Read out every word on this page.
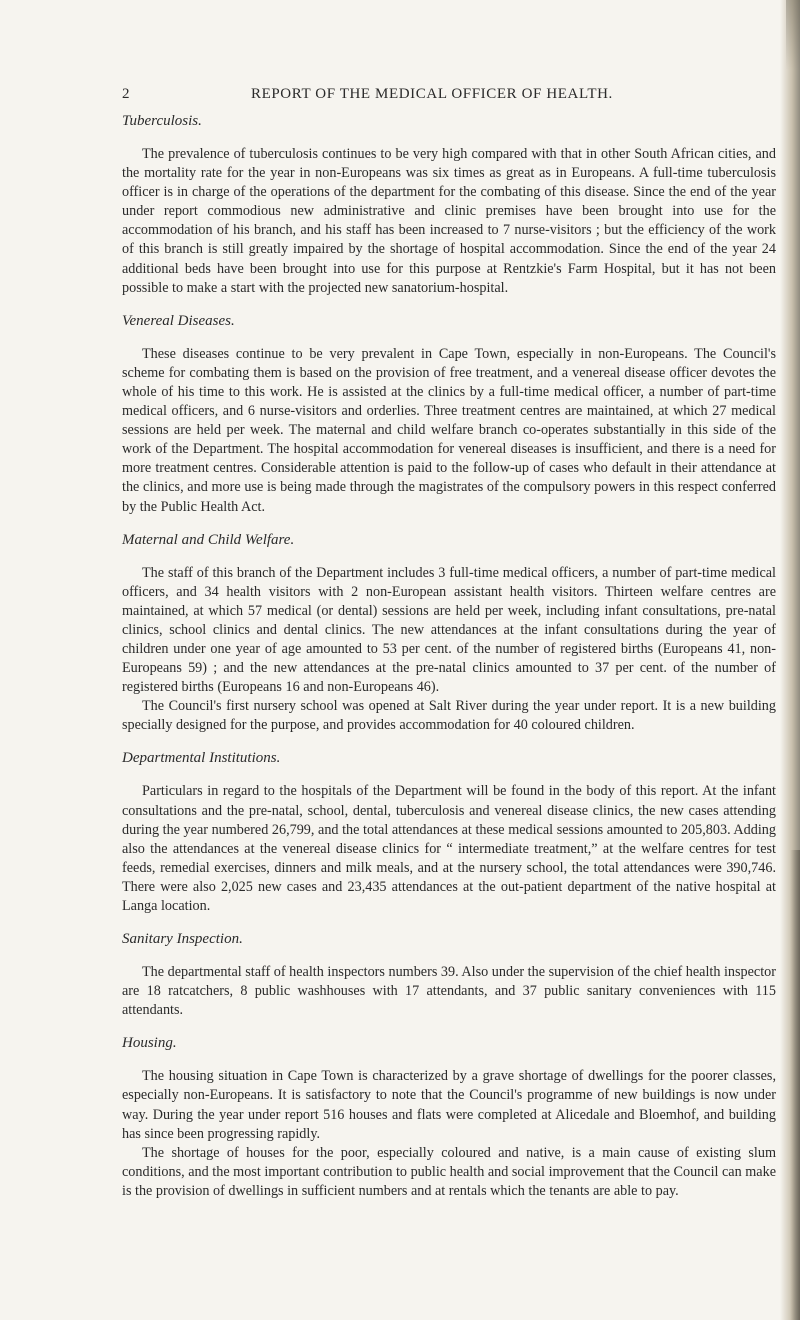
2	REPORT OF THE MEDICAL OFFICER OF HEALTH.
Tuberculosis.

The prevalence of tuberculosis continues to be very high compared with that in other South African cities, and the mortality rate for the year in non-Europeans was six times as great as in Europeans. A full-time tuberculosis officer is in charge of the operations of the department for the combating of this disease. Since the end of the year under report commodious new administrative and clinic premises have been brought into use for the accommodation of his branch, and his staff has been increased to 7 nurse-visitors ; but the efficiency of the work of this branch is still greatly impaired by the shortage of hospital accommodation. Since the end of the year 24 additional beds have been brought into use for this purpose at Rentzkie's Farm Hospital, but it has not been possible to make a start with the projected new sanatorium-hospital.

Venereal Diseases.

These diseases continue to be very prevalent in Cape Town, especially in non-Europeans. The Council's scheme for combating them is based on the provision of free treatment, and a venereal disease officer devotes the whole of his time to this work. He is assisted at the clinics by a full-time medical officer, a number of part-time medical officers, and 6 nurse-visitors and orderlies. Three treatment centres are maintained, at which 27 medical sessions are held per week. The maternal and child welfare branch co-operates substantially in this side of the work of the Department. The hospital accommodation for venereal diseases is insufficient, and there is a need for more treatment centres. Considerable attention is paid to the follow-up of cases who default in their attendance at the clinics, and more use is being made through the magistrates of the compulsory powers in this respect conferred by the Public Health Act.

Maternal and Child Welfare.

The staff of this branch of the Department includes 3 full-time medical officers, a number of part-time medical officers, and 34 health visitors with 2 non-European assistant health visitors. Thirteen welfare centres are maintained, at which 57 medical (or dental) sessions are held per week, including infant consultations, pre-natal clinics, school clinics and dental clinics. The new attendances at the infant consultations during the year of children under one year of age amounted to 53 per cent. of the number of registered births (Europeans 41, non-Europeans 59) ; and the new attendances at the pre-natal clinics amounted to 37 per cent. of the number of registered births (Europeans 16 and non-Europeans 46).

The Council's first nursery school was opened at Salt River during the year under report. It is a new building specially designed for the purpose, and provides accommodation for 40 coloured children.

Departmental Institutions.

Particulars in regard to the hospitals of the Department will be found in the body of this report. At the infant consultations and the pre-natal, school, dental, tuberculosis and venereal disease clinics, the new cases attending during the year numbered 26,799, and the total attendances at these medical sessions amounted to 205,803. Adding also the attendances at the venereal disease clinics for “ intermediate treatment,” at the welfare centres for test feeds, remedial exercises, dinners and milk meals, and at the nursery school, the total attendances were 390,746. There were also 2,025 new cases and 23,435 attendances at the out-patient department of the native hospital at Langa location.

Sanitary Inspection.

The departmental staff of health inspectors numbers 39. Also under the supervision of the chief health inspector are 18 ratcatchers, 8 public washhouses with 17 attendants, and 37 public sanitary conveniences with 115 attendants.

Housing.

The housing situation in Cape Town is characterized by a grave shortage of dwellings for the poorer classes, especially non-Europeans. It is satisfactory to note that the Council's programme of new buildings is now under way. During the year under report 516 houses and flats were completed at Alicedale and Bloemhof, and building has since been progressing rapidly.

The shortage of houses for the poor, especially coloured and native, is a main cause of existing slum conditions, and the most important contribution to public health and social improvement that the Council can make is the provision of dwellings in sufficient numbers and at rentals which the tenants are able to pay.
